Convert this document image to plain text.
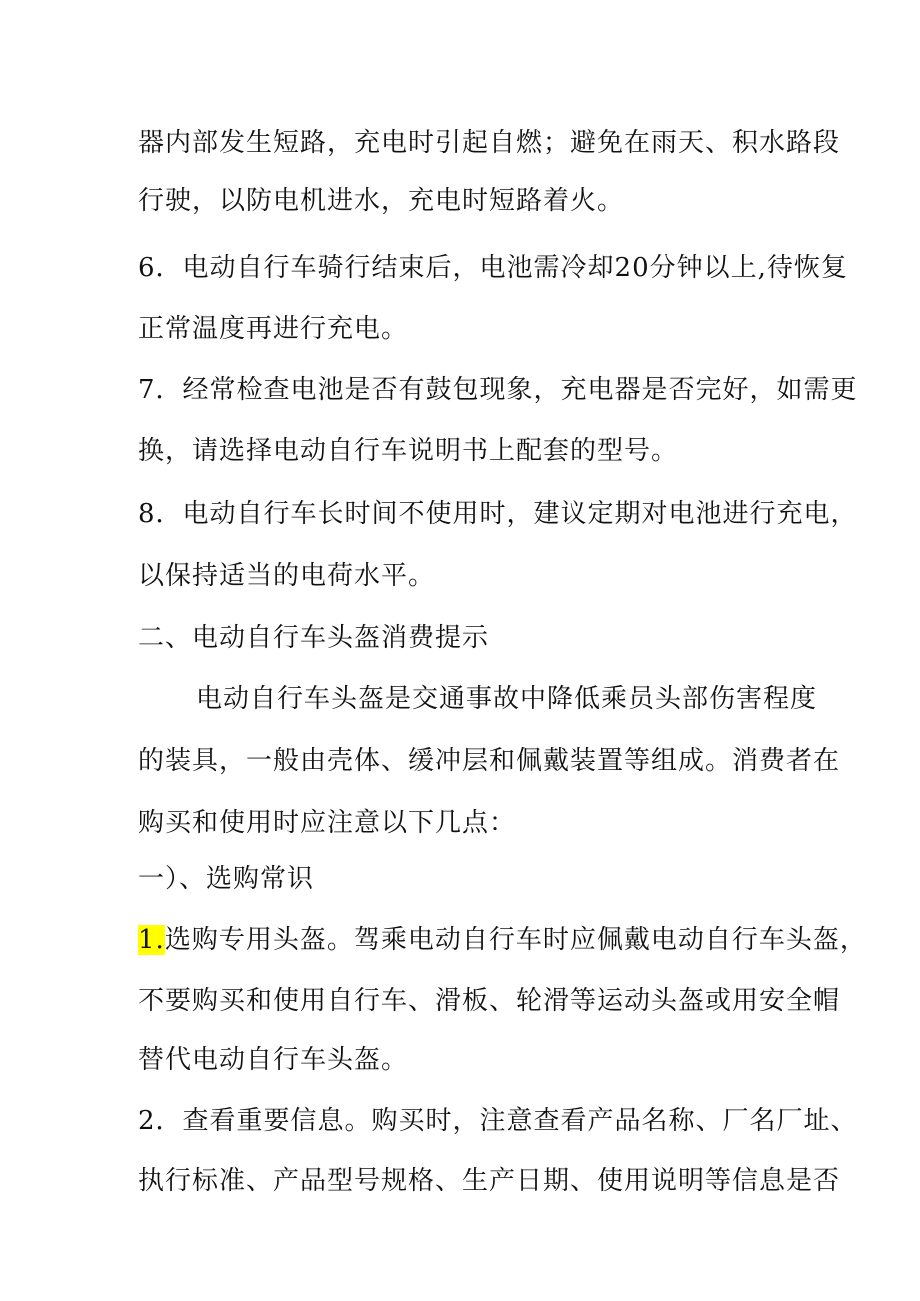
器内部发生短路，充电时引起自燃；避免在雨天、积水路段
行驶，以防电机进水，充电时短路着火。
6．电动自行车骑行结束后，电池需冷却20分钟以上,待恢复
正常温度再进行充电。
7．经常检查电池是否有鼓包现象，充电器是否完好，如需更
换，请选择电动自行车说明书上配套的型号。
8．电动自行车长时间不使用时，建议定期对电池进行充电，
以保持适当的电荷水平。
二、电动自行车头盔消费提示
电动自行车头盔是交通事故中降低乘员头部伤害程度
的装具，一般由壳体、缓冲层和佩戴装置等组成。消费者在
购买和使用时应注意以下几点：
一）、选购常识
1.选购专用头盔。驾乘电动自行车时应佩戴电动自行车头盔，
不要购买和使用自行车、滑板、轮滑等运动头盔或用安全帽
替代电动自行车头盔。
2．查看重要信息。购买时，注意查看产品名称、厂名厂址、
执行标准、产品型号规格、生产日期、使用说明等信息是否
